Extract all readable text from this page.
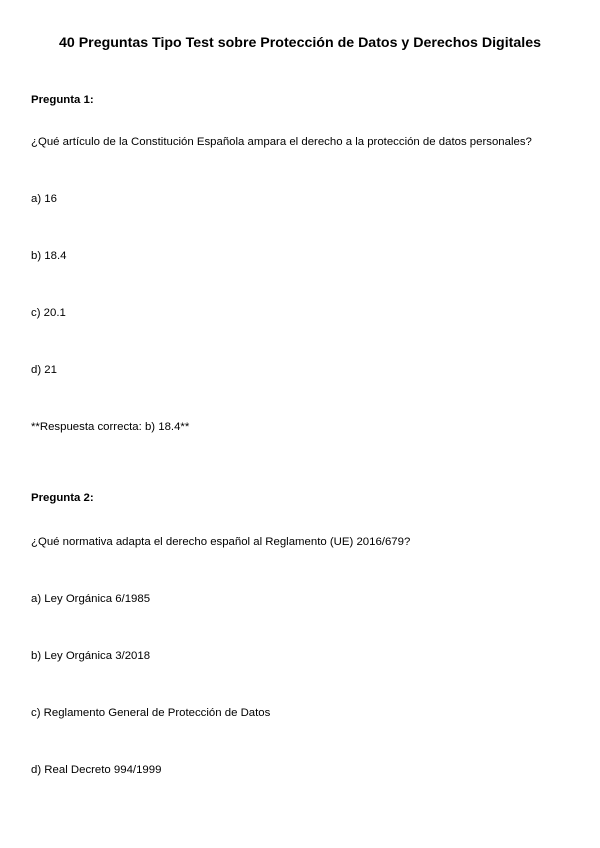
40 Preguntas Tipo Test sobre Protección de Datos y Derechos Digitales
Pregunta 1:
¿Qué artículo de la Constitución Española ampara el derecho a la protección de datos personales?
a) 16
b) 18.4
c) 20.1
d) 21
**Respuesta correcta: b) 18.4**
Pregunta 2:
¿Qué normativa adapta el derecho español al Reglamento (UE) 2016/679?
a) Ley Orgánica 6/1985
b) Ley Orgánica 3/2018
c) Reglamento General de Protección de Datos
d) Real Decreto 994/1999
